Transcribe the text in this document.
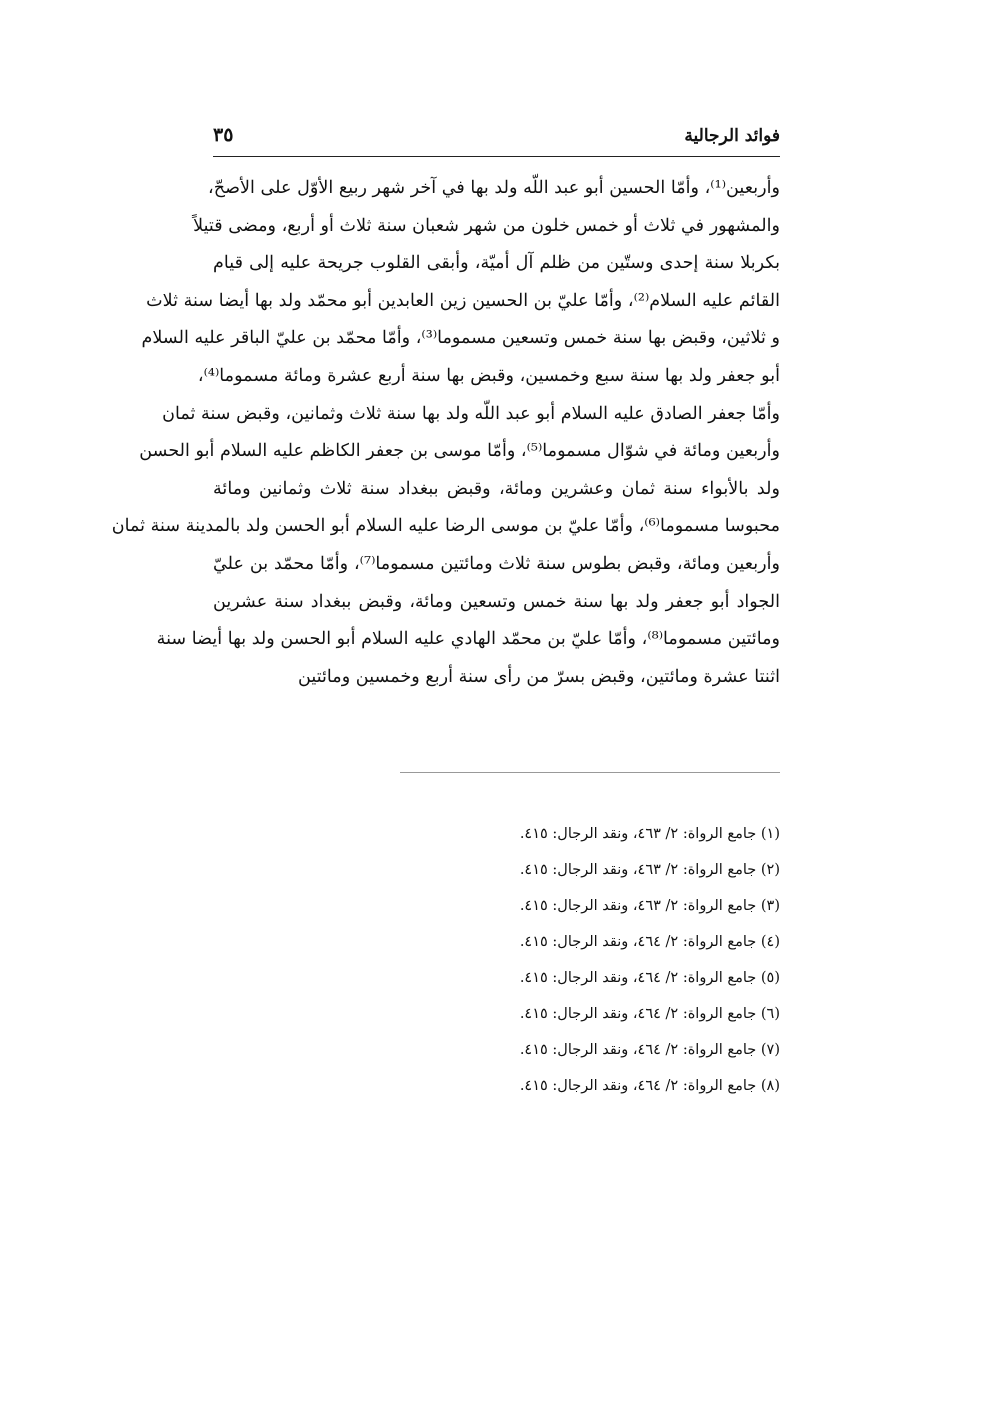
فوائد الرجالية
٣٥
وأربعين⁽¹⁾، وأمّا الحسين أبو عبد اللّه ولد بها في آخر شهر ربيع الأوّل على الأصحّ،
والمشهور في ثلاث أو خمس خلون من شهر شعبان سنة ثلاث أو أربع، ومضى قتيلاً
بكربلا سنة إحدى وستّين من ظلم آل أميّة، وأبقى القلوب جريحة عليه إلى قيام
القائم عليه السلام⁽²⁾، وأمّا عليّ بن الحسين زين العابدين أبو محمّد ولد بها أيضا سنة ثلاث
و ثلاثين، وقبض بها سنة خمس وتسعين مسموما⁽³⁾، وأمّا محمّد بن عليّ الباقر عليه السلام
أبو جعفر ولد بها سنة سبع وخمسين، وقبض بها سنة أربع عشرة ومائة مسموما⁽⁴⁾،
وأمّا جعفر الصادق عليه السلام أبو عبد اللّه ولد بها سنة ثلاث وثمانين، وقبض سنة ثمان
وأربعين ومائة في شوّال مسموما⁽⁵⁾، وأمّا موسى بن جعفر الكاظم عليه السلام أبو الحسن
ولد بالأبواء سنة ثمان وعشرين ومائة، وقبض ببغداد سنة ثلاث وثمانين ومائة
محبوسا مسموما⁽⁶⁾، وأمّا عليّ بن موسى الرضا عليه السلام أبو الحسن ولد بالمدينة سنة ثمان
وأربعين ومائة، وقبض بطوس سنة ثلاث ومائتين مسموما⁽⁷⁾، وأمّا محمّد بن عليّ
الجواد أبو جعفر ولد بها سنة خمس وتسعين ومائة، وقبض ببغداد سنة عشرين
ومائتين مسموما⁽⁸⁾، وأمّا عليّ بن محمّد الهادي عليه السلام أبو الحسن ولد بها أيضا سنة
اثنتا عشرة ومائتين، وقبض بسرّ من رأى سنة أربع وخمسين ومائتين
(١) جامع الرواة: ٢/ ٤٦٣، ونقد الرجال: ٤١٥.
(٢) جامع الرواة: ٢/ ٤٦٣، ونقد الرجال: ٤١٥.
(٣) جامع الرواة: ٢/ ٤٦٣، ونقد الرجال: ٤١٥.
(٤) جامع الرواة: ٢/ ٤٦٤، ونقد الرجال: ٤١٥.
(٥) جامع الرواة: ٢/ ٤٦٤، ونقد الرجال: ٤١٥.
(٦) جامع الرواة: ٢/ ٤٦٤، ونقد الرجال: ٤١٥.
(٧) جامع الرواة: ٢/ ٤٦٤، ونقد الرجال: ٤١٥.
(٨) جامع الرواة: ٢/ ٤٦٤، ونقد الرجال: ٤١٥.
